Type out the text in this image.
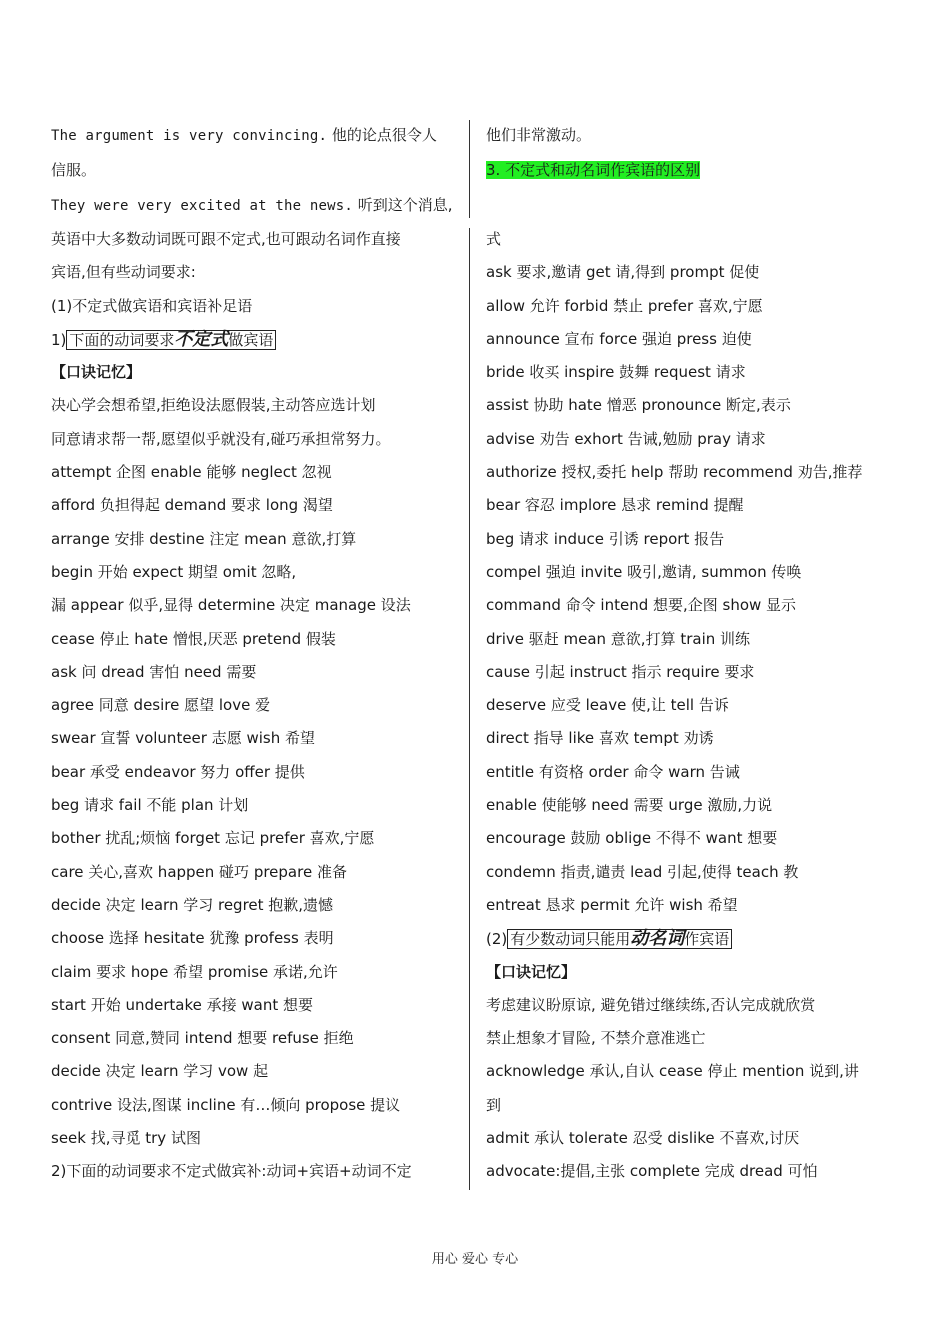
The argument is very convincing. 他的论点很令人
信服。
They were very excited at the news. 听到这个消息,
英语中大多数动词既可跟不定式,也可跟动名词作直接
宾语,但有些动词要求:
(1)不定式做宾语和宾语补足语
1) 下面的动词要求不定式做宾语
【口诀记忆】
决心学会想希望,拒绝设法愿假装,主动答应选计划
同意请求帮一帮,愿望似乎就没有,碰巧承担常努力。
attempt 企图 enable 能够 neglect 忽视
afford 负担得起 demand 要求 long 渴望
arrange 安排 destine 注定 mean 意欲,打算
begin 开始 expect 期望 omit 忽略,
漏 appear 似乎,显得 determine 决定 manage 设法
cease 停止 hate 憎恨,厌恶 pretend 假装
ask 问 dread 害怕 need 需要
agree 同意 desire 愿望 love 爱
swear 宣誓 volunteer 志愿 wish 希望
bear 承受 endeavor 努力 offer 提供
beg 请求 fail 不能 plan 计划
bother 扰乱;烦恼 forget 忘记 prefer 喜欢,宁愿
care 关心,喜欢 happen 碰巧 prepare 准备
decide 决定 learn 学习 regret 抱歉,遗憾
choose 选择 hesitate 犹豫 profess 表明
claim 要求 hope 希望 promise 承诺,允许
start 开始 undertake 承接 want 想要
consent 同意,赞同 intend 想要 refuse 拒绝
decide 决定 learn 学习 vow 起
contrive 设法,图谋 incline 有…倾向 propose 提议
seek 找,寻觅 try 试图
2)下面的动词要求不定式做宾补:动词+宾语+动词不定
他们非常激动。
3. 不定式和动名词作宾语的区别
式
ask 要求,邀请 get 请,得到 prompt 促使
allow 允许 forbid 禁止 prefer 喜欢,宁愿
announce 宣布 force 强迫 press 迫使
bride 收买 inspire 鼓舞 request 请求
assist 协助 hate 憎恶 pronounce 断定,表示
advise 劝告 exhort 告诫,勉励 pray 请求
authorize 授权,委托 help 帮助 recommend 劝告,推荐
bear 容忍 implore 恳求 remind 提醒
beg 请求 induce 引诱 report 报告
compel 强迫 invite 吸引,邀请, summon 传唤
command 命令 intend 想要,企图 show 显示
drive 驱赶 mean 意欲,打算 train 训练
cause 引起 instruct 指示 require 要求
deserve 应受 leave 使,让 tell 告诉
direct 指导 like 喜欢 tempt 劝诱
entitle 有资格 order 命令 warn 告诫
enable 使能够 need 需要 urge 激励,力说
encourage 鼓励 oblige 不得不 want 想要
condemn 指责,谴责 lead 引起,使得 teach 教
entreat 恳求 permit 允许 wish 希望
(2) 有少数动词只能用动名词作宾语
【口诀记忆】
考虑建议盼原谅, 避免错过继续练,否认完成就欣赏
禁止想象才冒险, 不禁介意准逃亡
acknowledge 承认,自认 cease 停止 mention 说到,讲
到
admit 承认 tolerate 忍受 dislike 不喜欢,讨厌
advocate:提倡,主张 complete 完成 dread 可怕
用心 爱心 专心
